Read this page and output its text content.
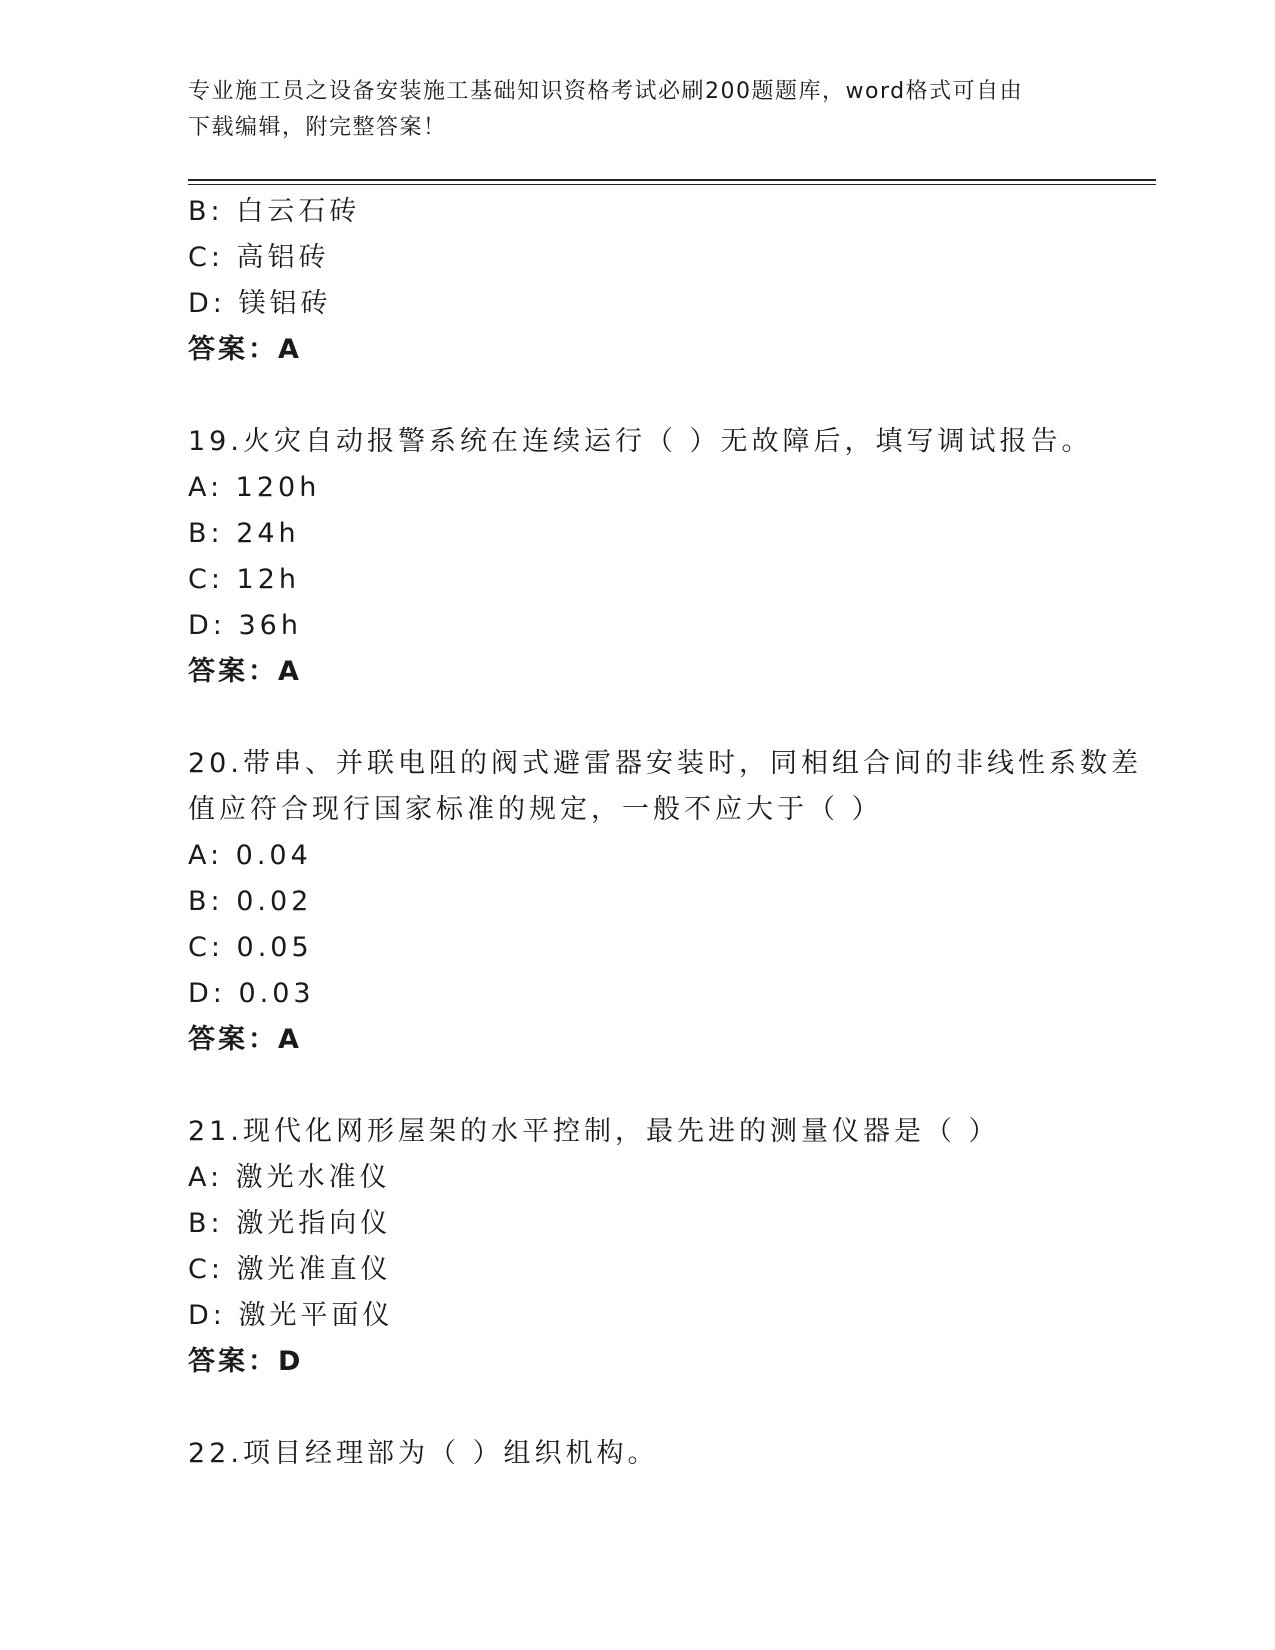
专业施工员之设备安装施工基础知识资格考试必刷200题题库，word格式可自由
下载编辑，附完整答案！
B: 白云石砖
C: 高铝砖
D: 镁铝砖
答案：A
19.火灾自动报警系统在连续运行（ ）无故障后，填写调试报告。
A: 120h
B: 24h
C: 12h
D: 36h
答案：A
20.带串、并联电阻的阀式避雷器安装时，同相组合间的非线性系数差
值应符合现行国家标准的规定，一般不应大于（ ）
A: 0.04
B: 0.02
C: 0.05
D: 0.03
答案：A
21.现代化网形屋架的水平控制，最先进的测量仪器是（ ）
A: 激光水准仪
B: 激光指向仪
C: 激光准直仪
D: 激光平面仪
答案：D
22.项目经理部为（ ）组织机构。
